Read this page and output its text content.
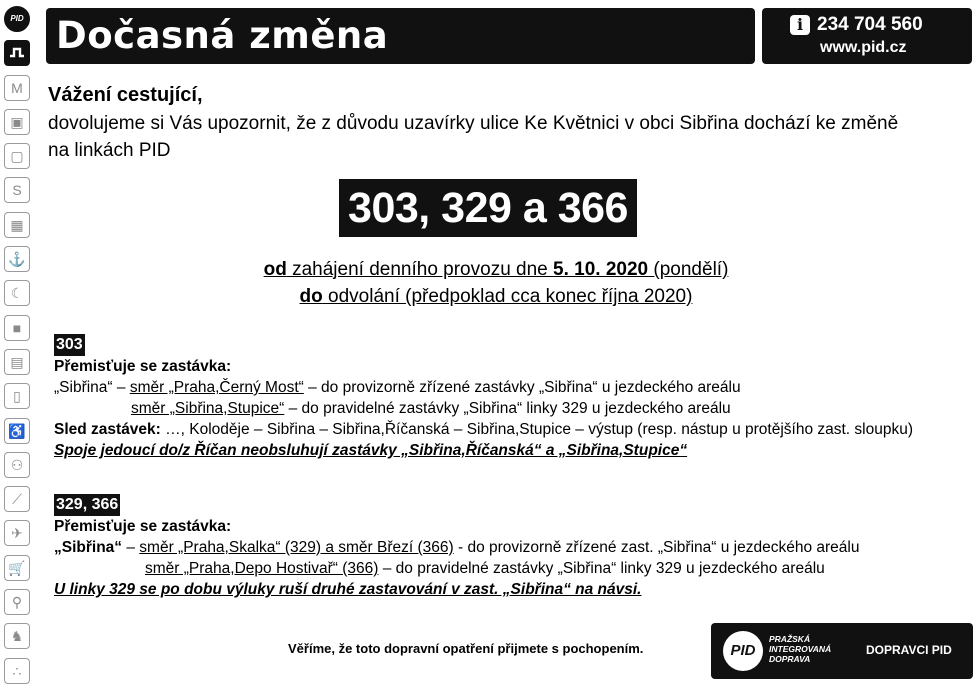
PID
M
▣
▢
S
▦
⚓
☾
■
▤
▯
♿
⚇
⟋
✈
🛒
⚲
♞
∴
Dočasná změna	i 234 704 560
www.pid.cz
Vážení cestující,
dovolujeme si Vás upozornit, že z důvodu uzavírky ulice Ke Květnici v obci Sibřina dochází ke změně
na linkách PID
303, 329 a 366
od zahájení denního provozu dne 5. 10. 2020 (pondělí)
do odvolání (předpoklad cca konec října 2020)
303
Přemisťuje se zastávka:
„Sibřina“ – směr „Praha,Černý Most“ – do provizorně zřízené zastávky „Sibřina“ u jezdeckého areálu
směr „Sibřina,Stupice“ – do pravidelné zastávky „Sibřina“ linky 329 u jezdeckého areálu
Sled zastávek: …, Koloděje – Sibřina – Sibřina,Říčanská – Sibřina,Stupice – výstup (resp. nástup u protějšího zast. sloupku)
Spoje jedoucí do/z Říčan neobsluhují zastávky „Sibřina,Říčanská“ a „Sibřina,Stupice“
329, 366
Přemisťuje se zastávka:
„Sibřina“ – směr „Praha,Skalka“ (329) a směr Březí (366) - do provizorně zřízené zast. „Sibřina“ u jezdeckého areálu
směr „Praha,Depo Hostivař“ (366) – do pravidelné zastávky „Sibřina“ linky 329 u jezdeckého areálu
U linky 329 se po dobu výluky ruší druhé zastavování v zast. „Sibřina“ na návsi.
Věříme, že toto dopravní opatření přijmete s pochopením.	PID
PRAŽSKÁ
INTEGROVANÁ
DOPRAVA
DOPRAVCI PID
